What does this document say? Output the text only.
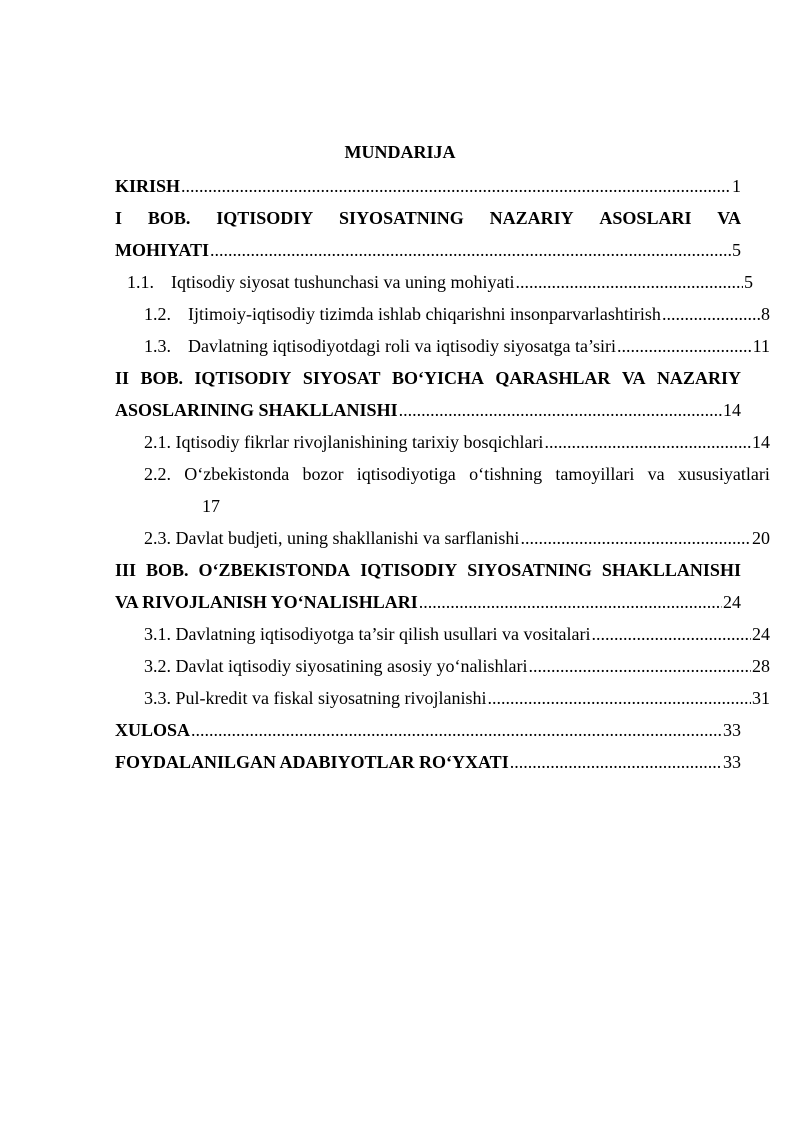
MUNDARIJA
KIRISH .....	1
I BOB. IQTISODIY SIYOSATNING NAZARIY ASOSLARI VA
MOHIYATI .....	5
1.1. Iqtisodiy siyosat tushunchasi va uning mohiyati .....	5
1.2. Ijtimoiy-iqtisodiy tizimda ishlab chiqarishni insonparvarlashtirish .....	8
1.3. Davlatning iqtisodiyotdagi roli va iqtisodiy siyosatga ta’siri .....	11
II BOB. IQTISODIY SIYOSAT BO‘YICHA QARASHLAR VA NAZARIY
ASOSLARINING SHAKLLANISHI .....	14
2.1. Iqtisodiy fikrlar rivojlanishining tarixiy bosqichlari .....	14
2.2. O‘zbekistonda bozor iqtisodiyotiga o‘tishning tamoyillari va xususiyatlari
17
2.3. Davlat budjeti, uning shakllanishi va sarflanishi .....	20
III BOB. O‘ZBEKISTONDA IQTISODIY SIYOSATNING SHAKLLANISHI
VA RIVOJLANISH YO‘NALISHLARI .....	24
3.1. Davlatning iqtisodiyotga ta’sir qilish usullari va vositalari .....	24
3.2. Davlat iqtisodiy siyosatining asosiy yo‘nalishlari .....	28
3.3. Pul-kredit va fiskal siyosatning rivojlanishi .....	31
XULOSA .....	33
FOYDALANILGAN ADABIYOTLAR RO‘YXATI .....	33
